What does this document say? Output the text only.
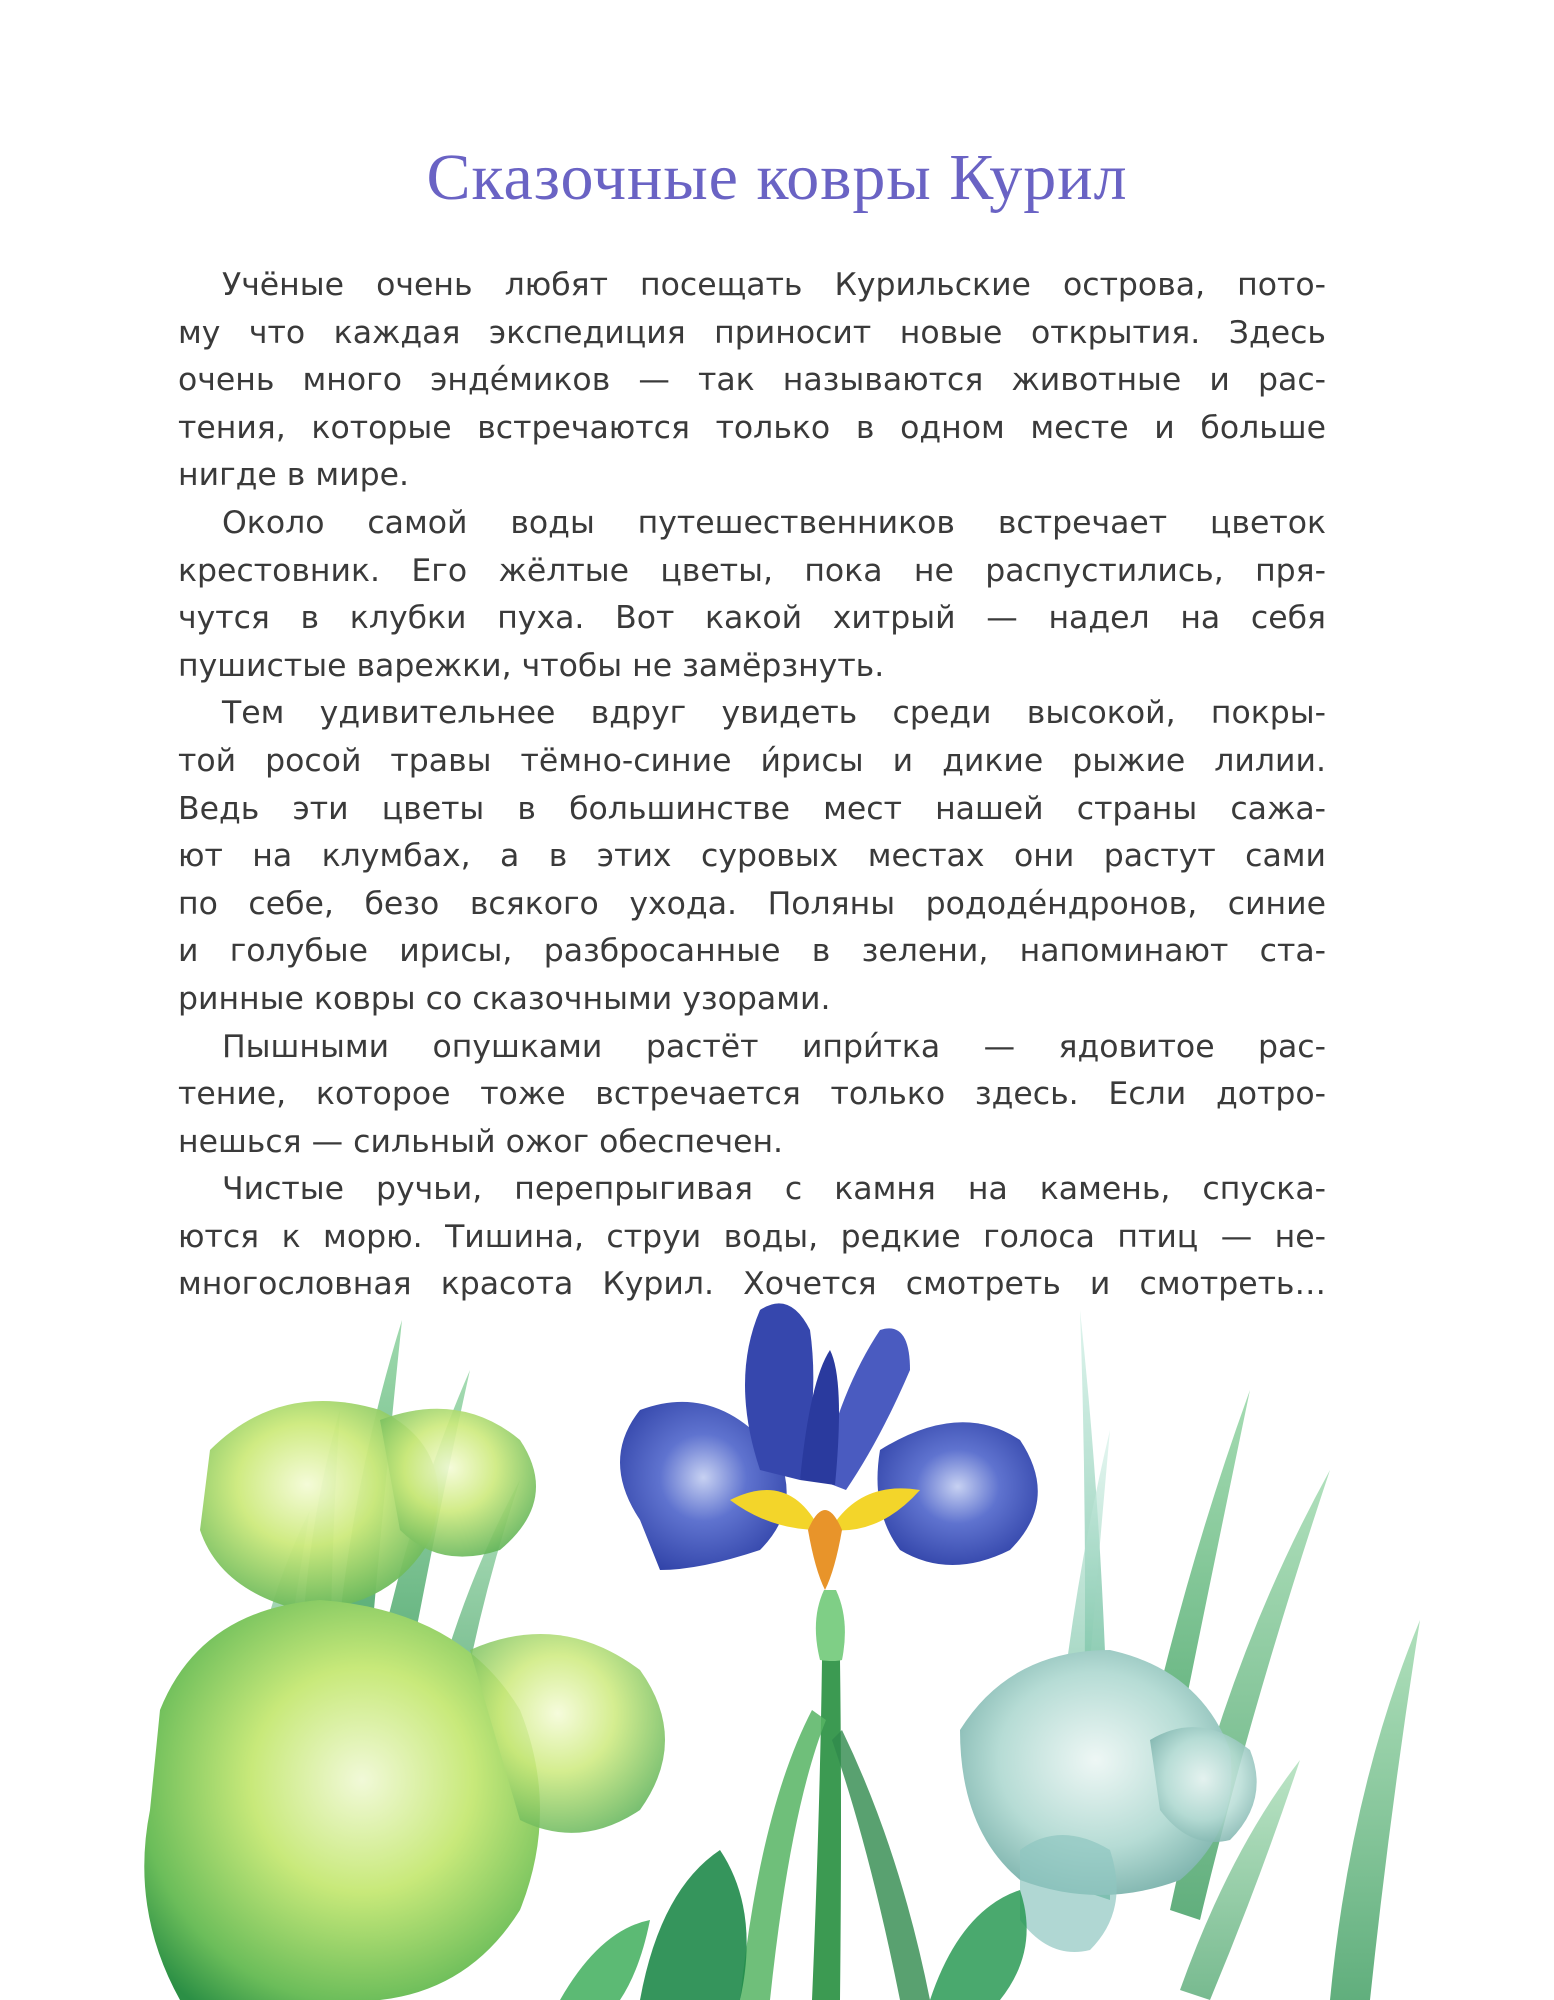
Сказочные ковры Курил

Учёные очень любят посещать Курильские острова, пото-
му что каждая экспедиция приносит новые открытия. Здесь
очень много энде́миков — так называются животные и рас-
тения, которые встречаются только в одном месте и больше
нигде в мире.

Около самой воды путешественников встречает цветок
крестовник. Его жёлтые цветы, пока не распустились, пря-
чутся в клубки пуха. Вот какой хитрый — надел на себя
пушистые варежки, чтобы не замёрзнуть.

Тем удивительнее вдруг увидеть среди высокой, покры-
той росой травы тёмно-синие и́рисы и дикие рыжие лилии.
Ведь эти цветы в большинстве мест нашей страны сажа-
ют на клумбах, а в этих суровых местах они растут сами
по себе, безо всякого ухода. Поляны рододе́ндронов, синие
и голубые ирисы, разбросанные в зелени, напоминают ста-
ринные ковры со сказочными узорами.

Пышными опушками растёт ипри́тка — ядовитое рас-
тение, которое тоже встречается только здесь. Если дотро-
нешься — сильный ожог обеспечен.

Чистые ручьи, перепрыгивая с камня на камень, спуска-
ются к морю. Тишина, струи воды, редкие голоса птиц — не-
многословная красота Курил. Хочется смотреть и смотреть…
